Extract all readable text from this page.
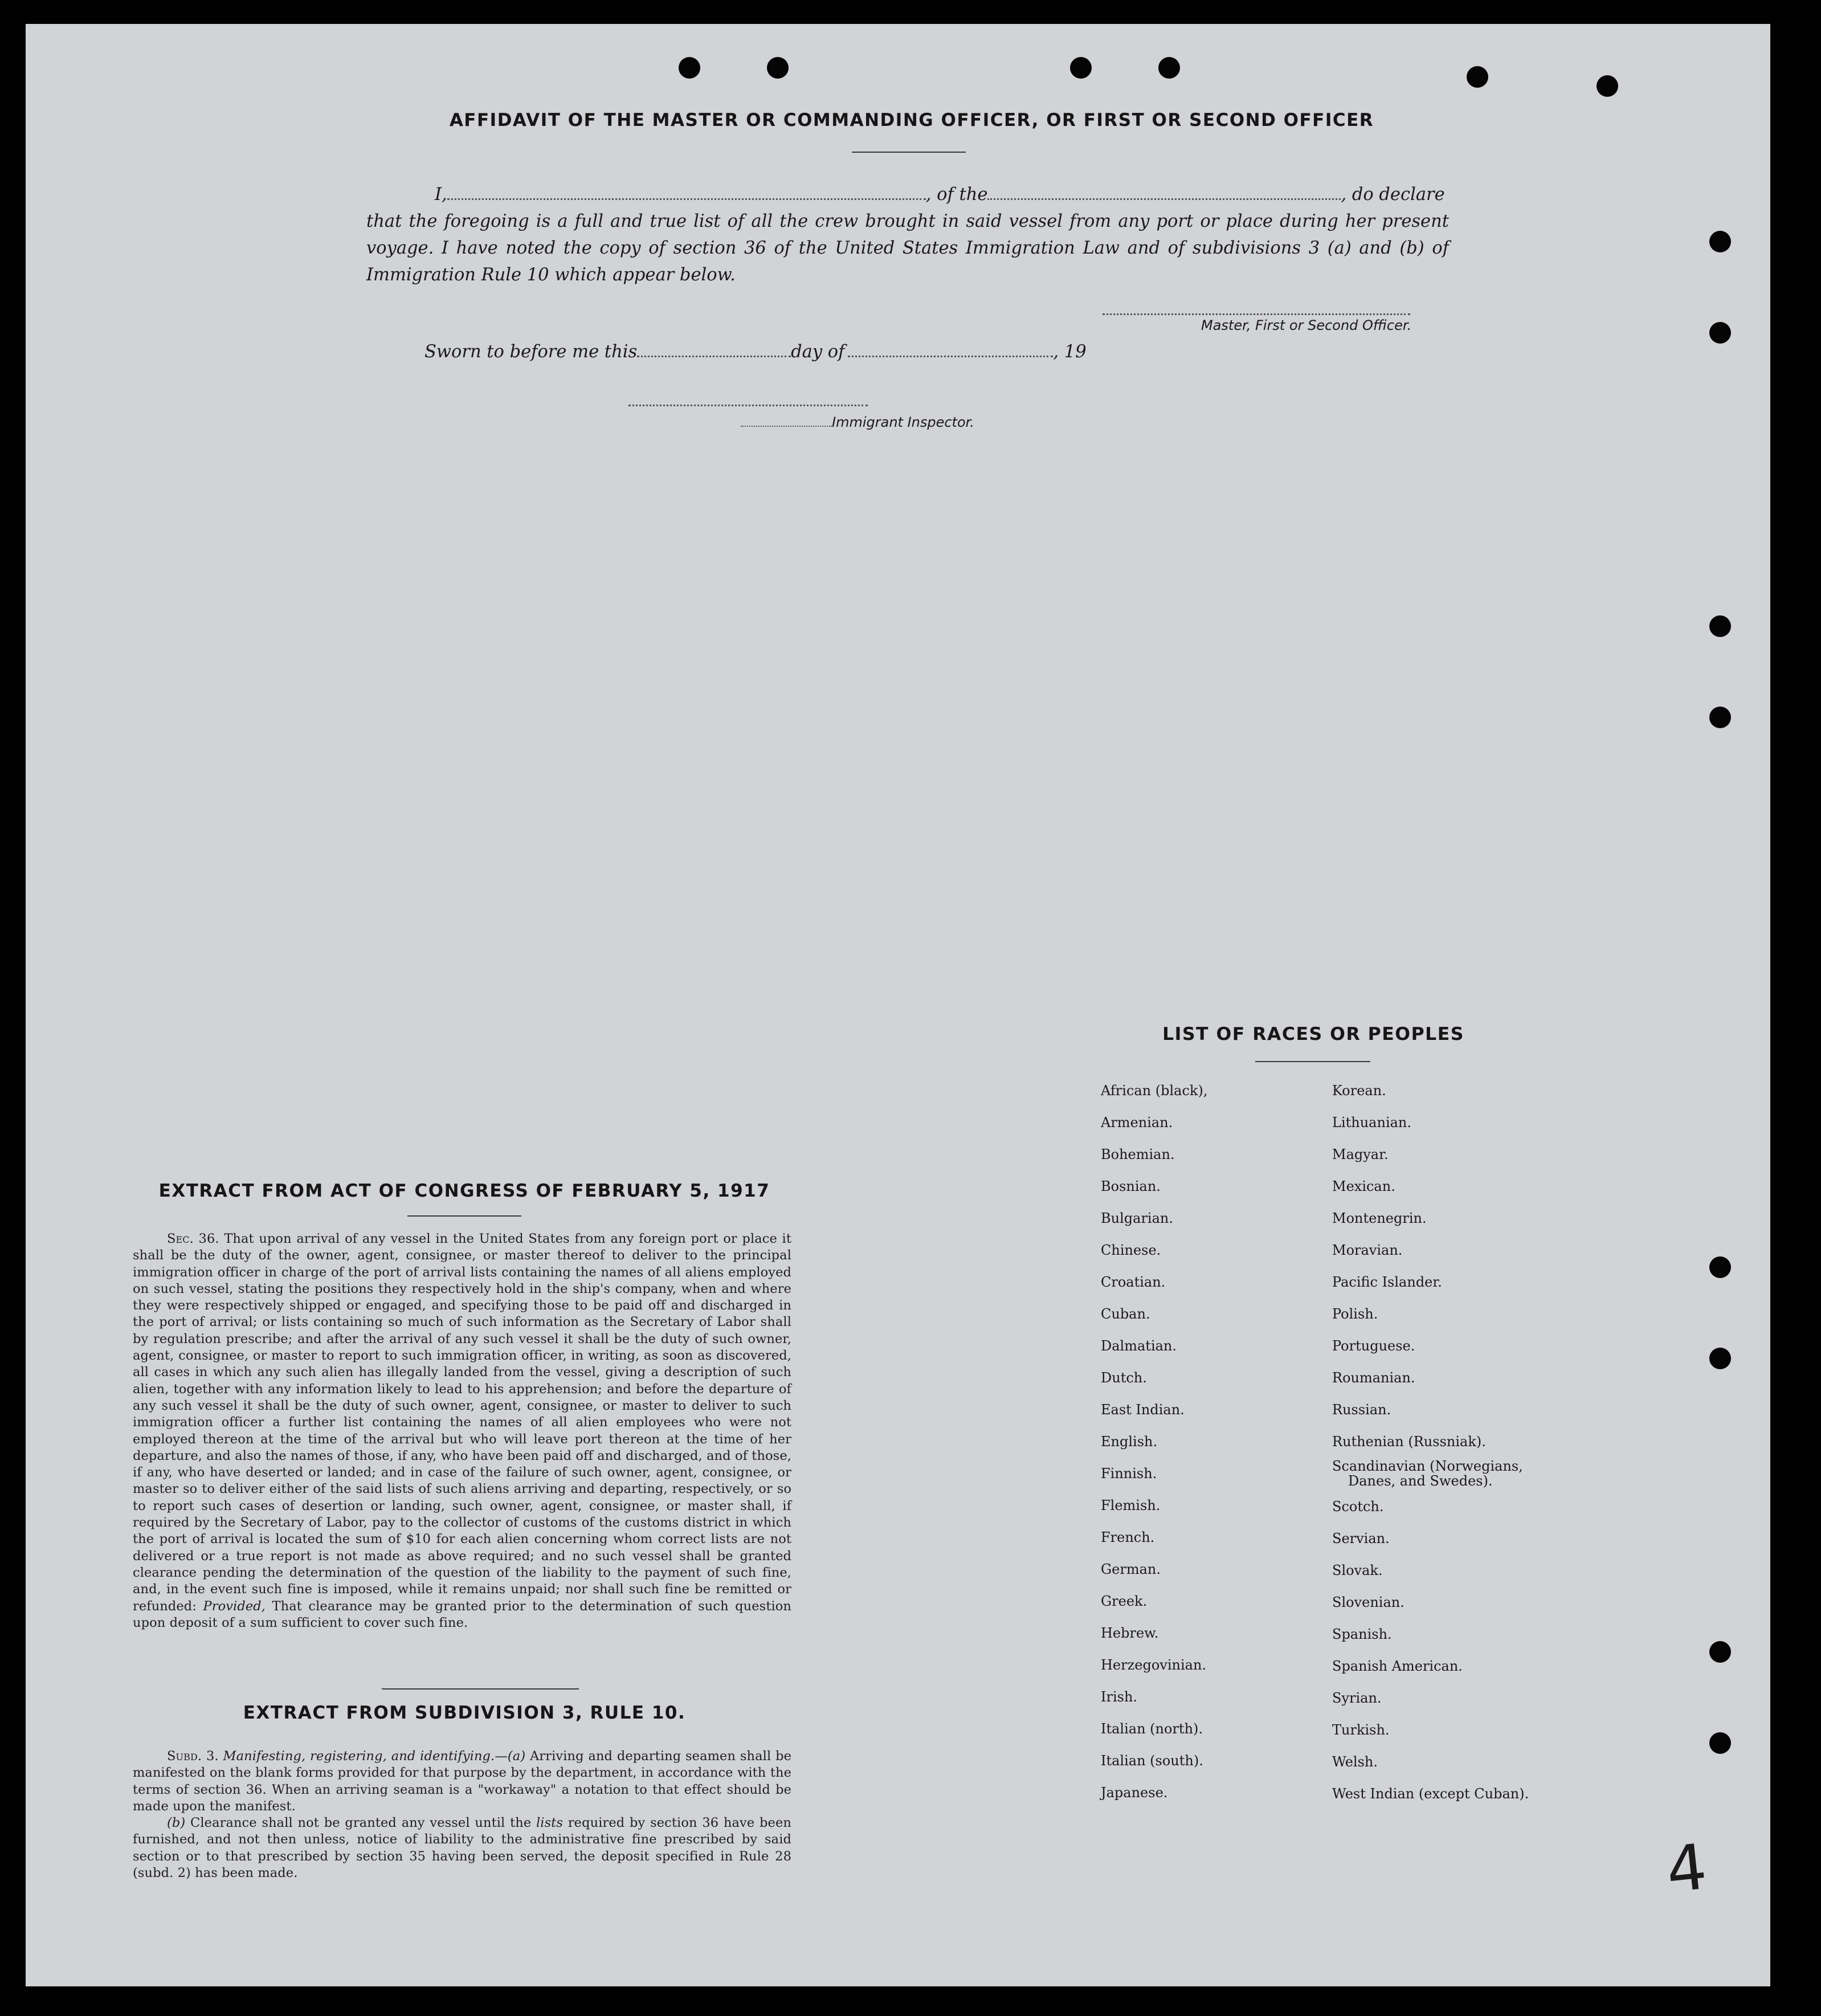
AFFIDAVIT OF THE MASTER OR COMMANDING OFFICER, OR FIRST OR SECOND OFFICER
I,	, of the	, do declare
that the foregoing is a full and true list of all the crew brought in said vessel from any port or place during her present voyage. I have noted the copy of section 36 of the United States Immigration Law and of subdivisions 3 (a) and (b) of Immigration Rule 10 which appear below.
Master, First or Second Officer.
Sworn to before me this	day of	, 19
Immigrant Inspector.
LIST OF RACES OR PEOPLES
African (black),
Armenian.
Bohemian.
Bosnian.
Bulgarian.
Chinese.
Croatian.
Cuban.
Dalmatian.
Dutch.
East Indian.
English.
Finnish.
Flemish.
French.
German.
Greek.
Hebrew.
Herzegovinian.
Irish.
Italian (north).
Italian (south).
Japanese.
Korean.
Lithuanian.
Magyar.
Mexican.
Montenegrin.
Moravian.
Pacific Islander.
Polish.
Portuguese.
Roumanian.
Russian.
Ruthenian (Russniak).
Scandinavian (Norwegians,
Danes, and Swedes).
Scotch.
Servian.
Slovak.
Slovenian.
Spanish.
Spanish American.
Syrian.
Turkish.
Welsh.
West Indian (except Cuban).
EXTRACT FROM ACT OF CONGRESS OF FEBRUARY 5, 1917

Sec. 36. That upon arrival of any vessel in the United States from any foreign port or place it shall be the duty of the owner, agent, consignee, or master thereof to deliver to the principal immigration officer in charge of the port of arrival lists containing the names of all aliens employed on such vessel, stating the positions they respectively hold in the ship's company, when and where they were respectively shipped or engaged, and specifying those to be paid off and discharged in the port of arrival; or lists containing so much of such information as the Secretary of Labor shall by regulation prescribe; and after the arrival of any such vessel it shall be the duty of such owner, agent, consignee, or master to report to such immigration officer, in writing, as soon as discovered, all cases in which any such alien has illegally landed from the vessel, giving a description of such alien, together with any information likely to lead to his apprehension; and before the departure of any such vessel it shall be the duty of such owner, agent, consignee, or master to deliver to such immigration officer a further list containing the names of all alien employees who were not employed thereon at the time of the arrival but who will leave port thereon at the time of her departure, and also the names of those, if any, who have been paid off and discharged, and of those, if any, who have deserted or landed; and in case of the failure of such owner, agent, consignee, or master so to deliver either of the said lists of such aliens arriving and departing, respectively, or so to report such cases of desertion or landing, such owner, agent, consignee, or master shall, if required by the Secretary of Labor, pay to the collector of customs of the customs district in which the port of arrival is located the sum of $10 for each alien concerning whom correct lists are not delivered or a true report is not made as above required; and no such vessel shall be granted clearance pending the determination of the question of the liability to the payment of such fine, and, in the event such fine is imposed, while it remains unpaid; nor shall such fine be remitted or refunded: Provided, That clearance may be granted prior to the determination of such question upon deposit of a sum sufficient to cover such fine.

EXTRACT FROM SUBDIVISION 3, RULE 10.

Subd. 3. Manifesting, registering, and identifying.—(a) Arriving and departing seamen shall be manifested on the blank forms provided for that purpose by the department, in accordance with the terms of section 36. When an arriving seaman is a "workaway" a notation to that effect should be made upon the manifest.

(b) Clearance shall not be granted any vessel until the lists required by section 36 have been furnished, and not then unless, notice of liability to the administrative fine prescribed by said section or to that prescribed by section 35 having been served, the deposit specified in Rule 28 (subd. 2) has been made.	4
